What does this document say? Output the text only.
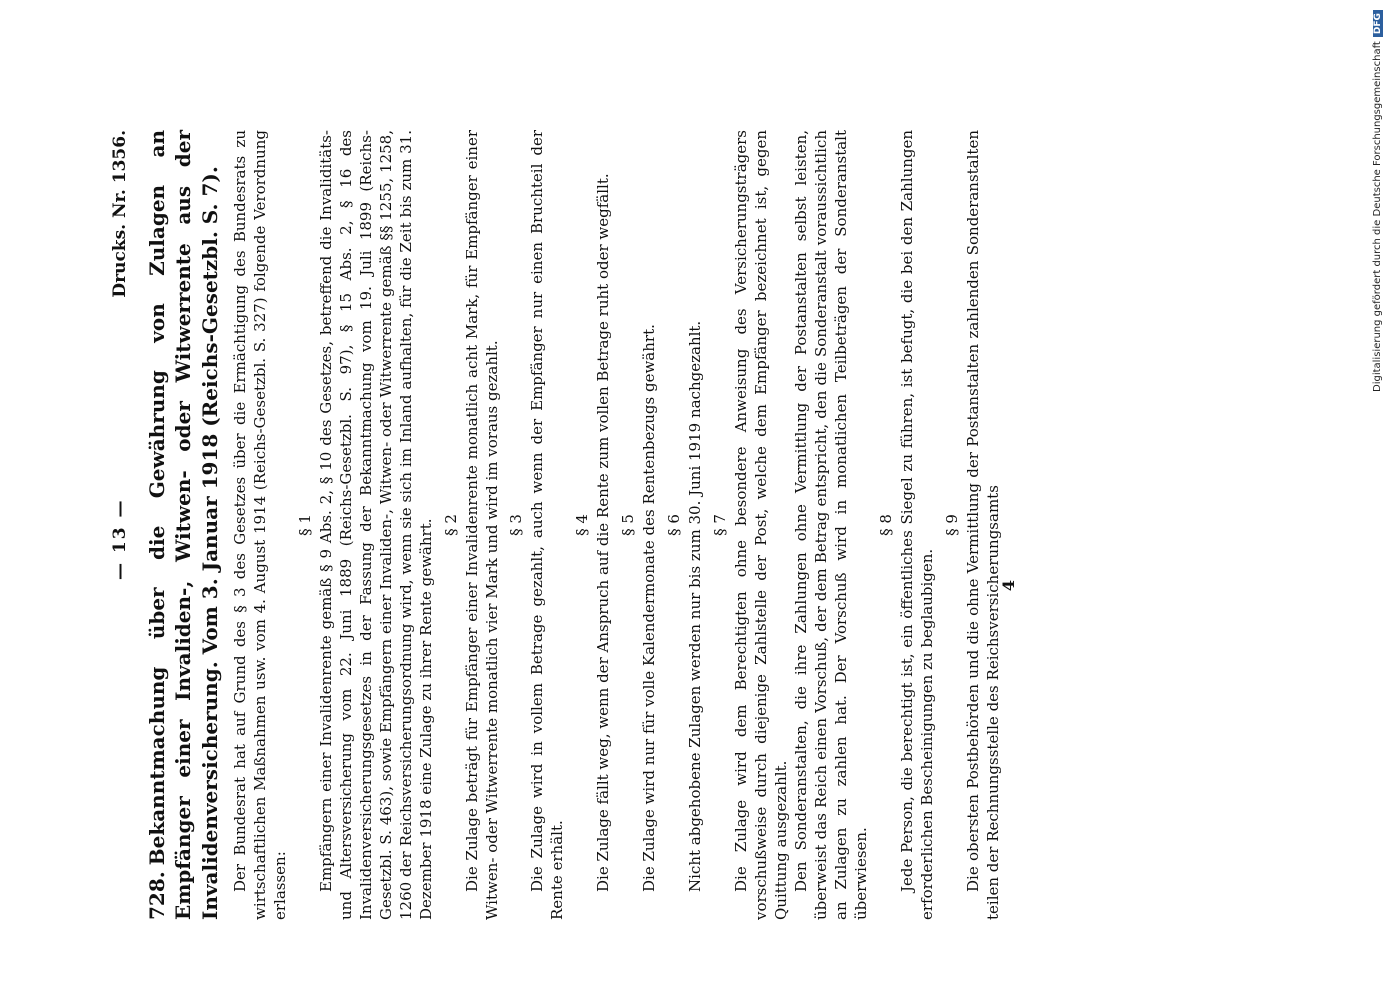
— 13 —
Drucks. Nr. 1356.
728.Bekanntmachung über die Gewährung von Zulagen an Empfänger einer Invaliden-, Witwen- oder Witwerrente aus der Invalidenversicherung. Vom 3. Januar 1918 (Reichs-Gesetzbl. S. 7). Der Bundesrat hat auf Grund des § 3 des Gesetzes über die Ermächtigung des Bundesrats zu wirtschaftlichen Maßnahmen usw. vom 4. August 1914 (Reichs-Gesetzbl. S. 327) folgende Verordnung erlassen:

§ 1 Empfängern einer Invalidenrente gemäß § 9 Abs. 2, § 10 des Gesetzes, betreffend die Invaliditäts- und Altersversicherung vom 22. Juni 1889 (Reichs-Gesetzbl. S. 97), § 15 Abs. 2, § 16 des Invalidenversicherungsgesetzes in der Fassung der Bekanntmachung vom 19. Juli 1899 (Reichs-Gesetzbl. S. 463), sowie Empfängern einer Invaliden-, Witwen- oder Witwerrente gemäß §§ 1255, 1258, 1260 der Reichsversicherungsordnung wird, wenn sie sich im Inland aufhalten, für die Zeit bis zum 31. Dezember 1918 eine Zulage zu ihrer Rente gewährt. § 2 Die Zulage beträgt für Empfänger einer Invalidenrente monatlich acht Mark, für Empfänger einer Witwen- oder Witwerrente monatlich vier Mark und wird im voraus gezahlt. § 3 Die Zulage wird in vollem Betrage gezahlt, auch wenn der Empfänger nur einen Bruchteil der Rente erhält.

§ 4 Die Zulage fällt weg, wenn der Anspruch auf die Rente zum vollen Betrage ruht oder wegfällt. § 5 Die Zulage wird nur für volle Kalendermonate des Rentenbezugs gewährt. § 6 Nicht abgehobene Zulagen werden nur bis zum 30. Juni 1919 nachgezahlt. § 7 Die Zulage wird dem Berechtigten ohne besondere Anweisung des Versicherungsträgers vorschußweise durch diejenige Zahlstelle der Post, welche dem Empfänger bezeichnet ist, gegen Quittung ausgezahlt. Den Sonderanstalten, die ihre Zahlungen ohne Vermittlung der Postanstalten selbst leisten, überweist das Reich einen Vorschuß, der dem Betrag entspricht, den die Sonderanstalt voraussichtlich an Zulagen zu zahlen hat. Der Vorschuß wird in monatlichen Teilbeträgen der Sonderanstalt überwiesen.

§ 8 Jede Person, die berechtigt ist, ein öffentliches Siegel zu führen, ist befugt, die bei den Zahlungen erforderlichen Bescheinigungen zu beglaubigen.

§ 9 Die obersten Postbehörden und die ohne Vermittlung der Postanstalten zahlenden Sonderanstalten teilen der Rechnungsstelle des Reichsversicherungsamts

4
Digitalisierung gefördert durch die Deutsche ForschungsgemeinschaftDFG
